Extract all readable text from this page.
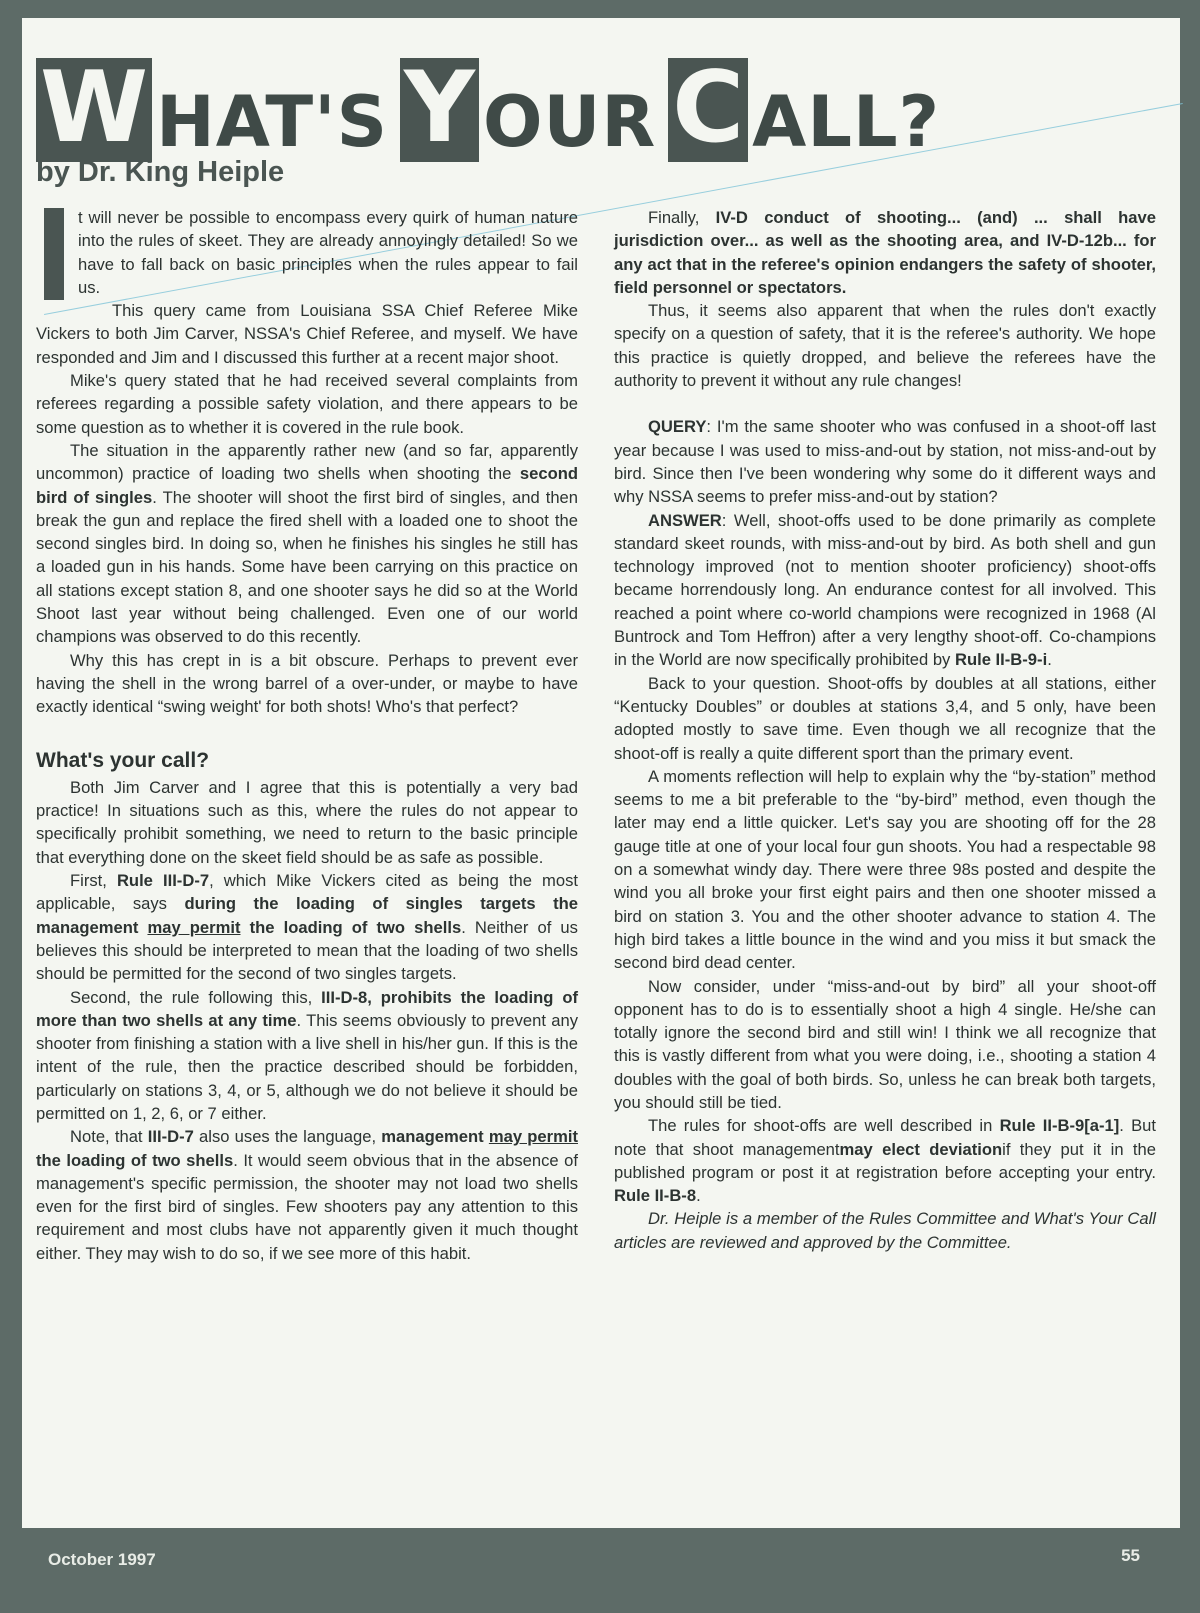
W HAT'S Y OUR C ALL?
by Dr. King Heiple

t will never be possible to encompass every quirk of human nature into the rules of skeet. They are already annoyingly detailed! So we have to fall back on basic principles when the rules appear to fail us.

This query came from Louisiana SSA Chief Referee Mike Vickers to both Jim Carver, NSSA's Chief Referee, and myself. We have responded and Jim and I discussed this further at a recent major shoot.

Mike's query stated that he had received several complaints from referees regarding a possible safety violation, and there appears to be some question as to whether it is covered in the rule book.

The situation in the apparently rather new (and so far, apparently uncommon) practice of loading two shells when shooting the second bird of singles. The shooter will shoot the first bird of singles, and then break the gun and replace the fired shell with a loaded one to shoot the second singles bird. In doing so, when he finishes his singles he still has a loaded gun in his hands. Some have been carrying on this practice on all stations except station 8, and one shooter says he did so at the World Shoot last year without being challenged. Even one of our world champions was observed to do this recently.

Why this has crept in is a bit obscure. Perhaps to prevent ever having the shell in the wrong barrel of a over-under, or maybe to have exactly identical “swing weight' for both shots! Who's that perfect?

What's your call?

Both Jim Carver and I agree that this is potentially a very bad practice! In situations such as this, where the rules do not appear to specifically prohibit something, we need to return to the basic principle that everything done on the skeet field should be as safe as possible.

First, Rule III-D-7, which Mike Vickers cited as being the most applicable, says during the loading of singles targets the management may permit the loading of two shells. Neither of us believes this should be interpreted to mean that the loading of two shells should be permitted for the second of two singles targets.

Second, the rule following this, III-D-8, prohibits the loading of more than two shells at any time. This seems obviously to prevent any shooter from finishing a station with a live shell in his/her gun. If this is the intent of the rule, then the practice described should be forbidden, particularly on stations 3, 4, or 5, although we do not believe it should be permitted on 1, 2, 6, or 7 either.

Note, that III-D-7 also uses the language, management may permit the loading of two shells. It would seem obvious that in the absence of management's specific permission, the shooter may not load two shells even for the first bird of singles. Few shooters pay any attention to this requirement and most clubs have not apparently given it much thought either. They may wish to do so, if we see more of this habit.

Finally, IV-D conduct of shooting... (and) ... shall have jurisdiction over... as well as the shooting area, and IV-D-12b... for any act that in the referee's opinion endangers the safety of shooter, field personnel or spectators.

Thus, it seems also apparent that when the rules don't exactly specify on a question of safety, that it is the referee's authority. We hope this practice is quietly dropped, and believe the referees have the authority to prevent it without any rule changes!

QUERY: I'm the same shooter who was confused in a shoot-off last year because I was used to miss-and-out by station, not miss-and-out by bird. Since then I've been wondering why some do it different ways and why NSSA seems to prefer miss-and-out by station?

ANSWER: Well, shoot-offs used to be done primarily as complete standard skeet rounds, with miss-and-out by bird. As both shell and gun technology improved (not to mention shooter proficiency) shoot-offs became horrendously long. An endurance contest for all involved. This reached a point where co-world champions were recognized in 1968 (Al Buntrock and Tom Heffron) after a very lengthy shoot-off. Co-champions in the World are now specifically prohibited by Rule II-B-9-i.

Back to your question. Shoot-offs by doubles at all stations, either “Kentucky Doubles” or doubles at stations 3,4, and 5 only, have been adopted mostly to save time. Even though we all recognize that the shoot-off is really a quite different sport than the primary event.

A moments reflection will help to explain why the “by-station” method seems to me a bit preferable to the “by-bird” method, even though the later may end a little quicker. Let's say you are shooting off for the 28 gauge title at one of your local four gun shoots. You had a respectable 98 on a somewhat windy day. There were three 98s posted and despite the wind you all broke your first eight pairs and then one shooter missed a bird on station 3. You and the other shooter advance to station 4. The high bird takes a little bounce in the wind and you miss it but smack the second bird dead center.

Now consider, under “miss-and-out by bird” all your shoot-off opponent has to do is to essentially shoot a high 4 single. He/she can totally ignore the second bird and still win! I think we all recognize that this is vastly different from what you were doing, i.e., shooting a station 4 doubles with the goal of both birds. So, unless he can break both targets, you should still be tied.

The rules for shoot-offs are well described in Rule II-B-9[a-1]. But note that shoot managementmay elect deviationif they put it in the published program or post it at registration before accepting your entry. Rule II-B-8.

Dr. Heiple is a member of the Rules Committee and What's Your Call articles are reviewed and approved by the Committee.

October 1997	55
